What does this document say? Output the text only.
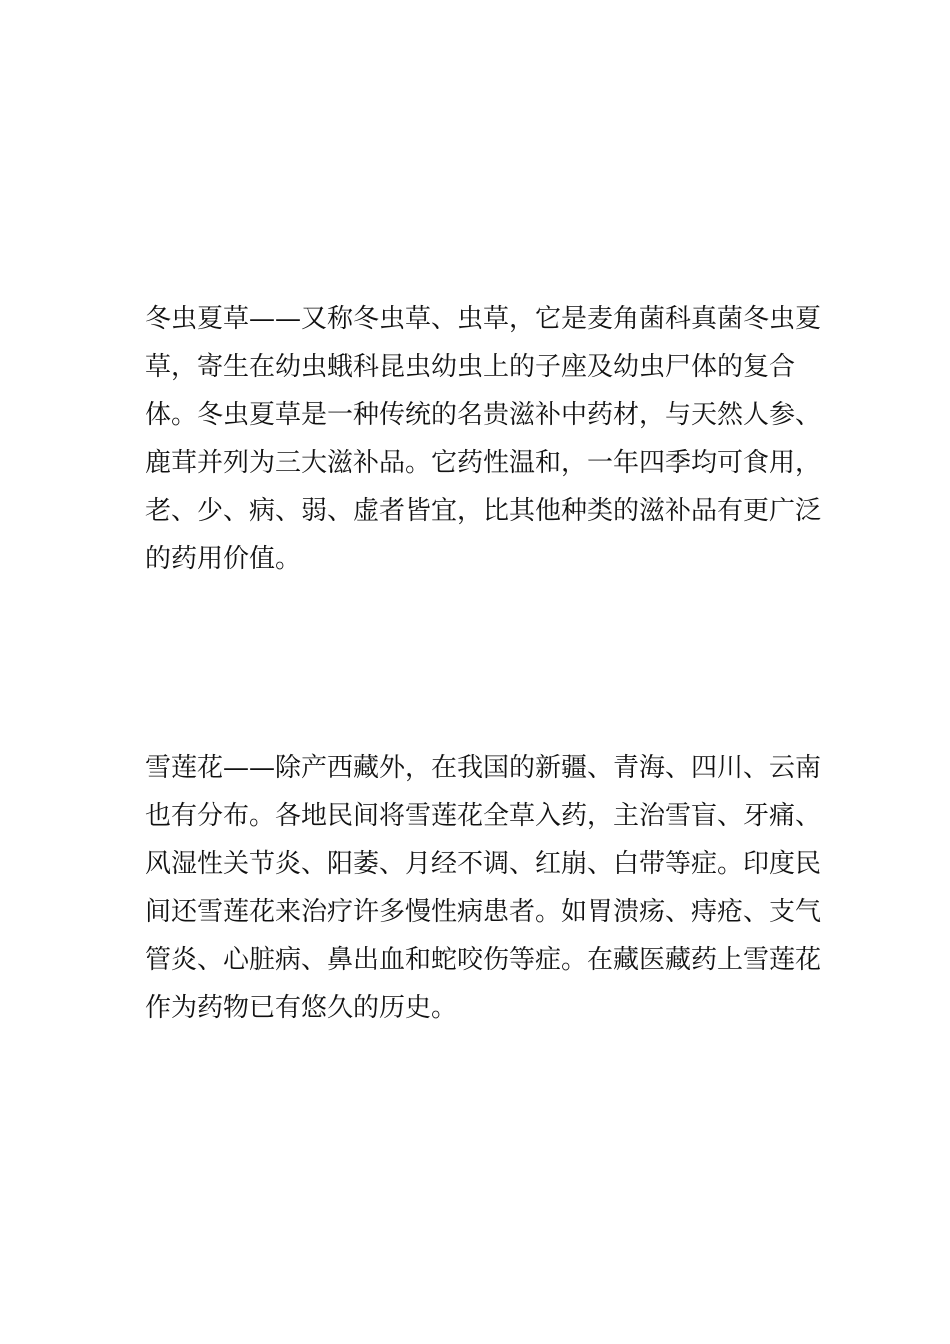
冬虫夏草——又称冬虫草、虫草，它是麦角菌科真菌冬虫夏
草，寄生在幼虫蛾科昆虫幼虫上的子座及幼虫尸体的复合
体。冬虫夏草是一种传统的名贵滋补中药材，与天然人参、
鹿茸并列为三大滋补品。它药性温和，一年四季均可食用，
老、少、病、弱、虚者皆宜，比其他种类的滋补品有更广泛
的药用价值。

雪莲花——除产西藏外，在我国的新疆、青海、四川、云南
也有分布。各地民间将雪莲花全草入药，主治雪盲、牙痛、
风湿性关节炎、阳萎、月经不调、红崩、白带等症。印度民
间还雪莲花来治疗许多慢性病患者。如胃溃疡、痔疮、支气
管炎、心脏病、鼻出血和蛇咬伤等症。在藏医藏药上雪莲花
作为药物已有悠久的历史。
